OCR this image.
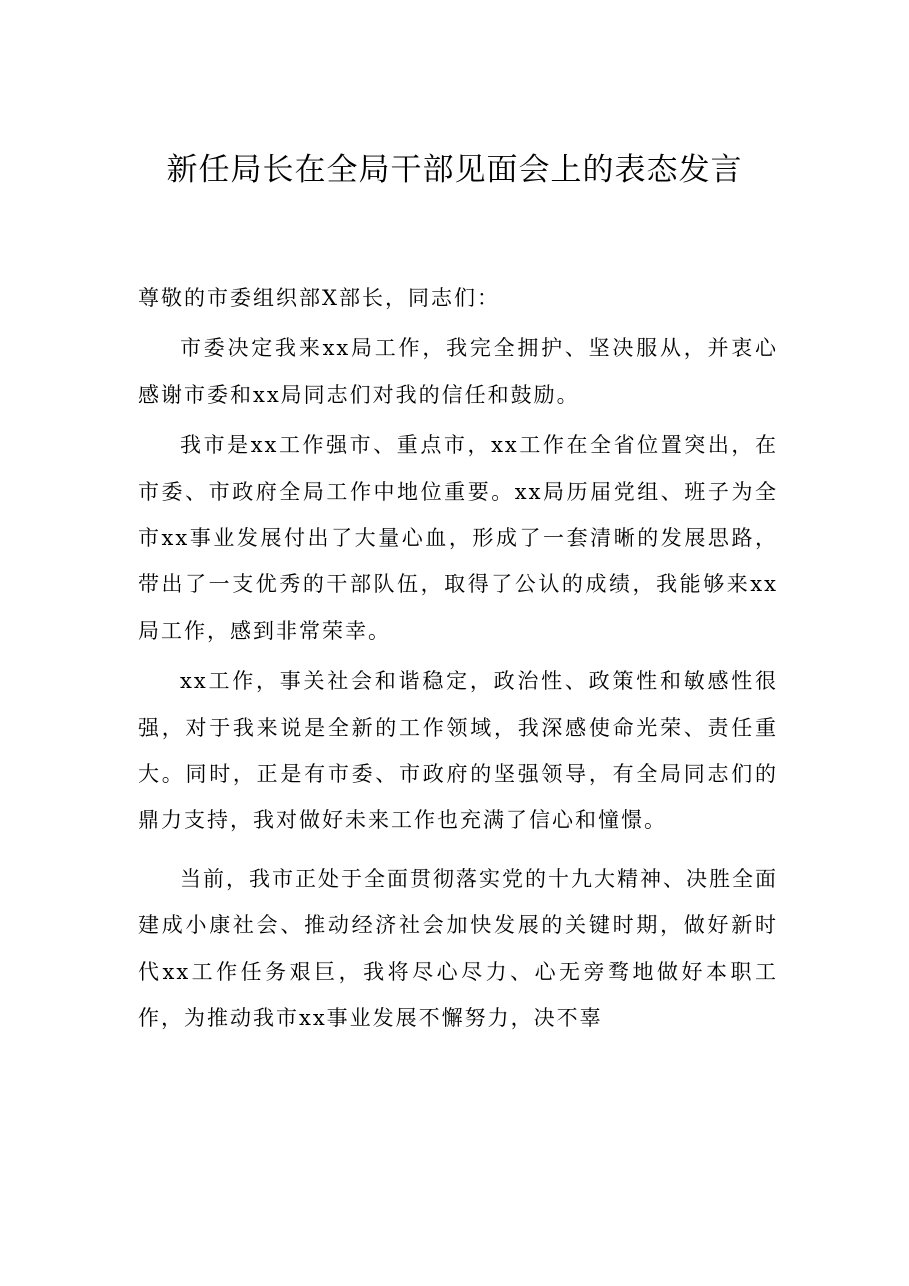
新任局长在全局干部见面会上的表态发言

尊敬的市委组织部X部长，同志们：

市委决定我来xx局工作，我完全拥护、坚决服从，并衷心感谢市委和xx局同志们对我的信任和鼓励。

我市是xx工作强市、重点市，xx工作在全省位置突出，在市委、市政府全局工作中地位重要。xx局历届党组、班子为全市xx事业发展付出了大量心血，形成了一套清晰的发展思路，带出了一支优秀的干部队伍，取得了公认的成绩，我能够来xx局工作，感到非常荣幸。

xx工作，事关社会和谐稳定，政治性、政策性和敏感性很强，对于我来说是全新的工作领域，我深感使命光荣、责任重大。同时，正是有市委、市政府的坚强领导，有全局同志们的鼎力支持，我对做好未来工作也充满了信心和憧憬。

当前，我市正处于全面贯彻落实党的十九大精神、决胜全面建成小康社会、推动经济社会加快发展的关键时期，做好新时代xx工作任务艰巨，我将尽心尽力、心无旁骛地做好本职工作，为推动我市xx事业发展不懈努力，决不辜
